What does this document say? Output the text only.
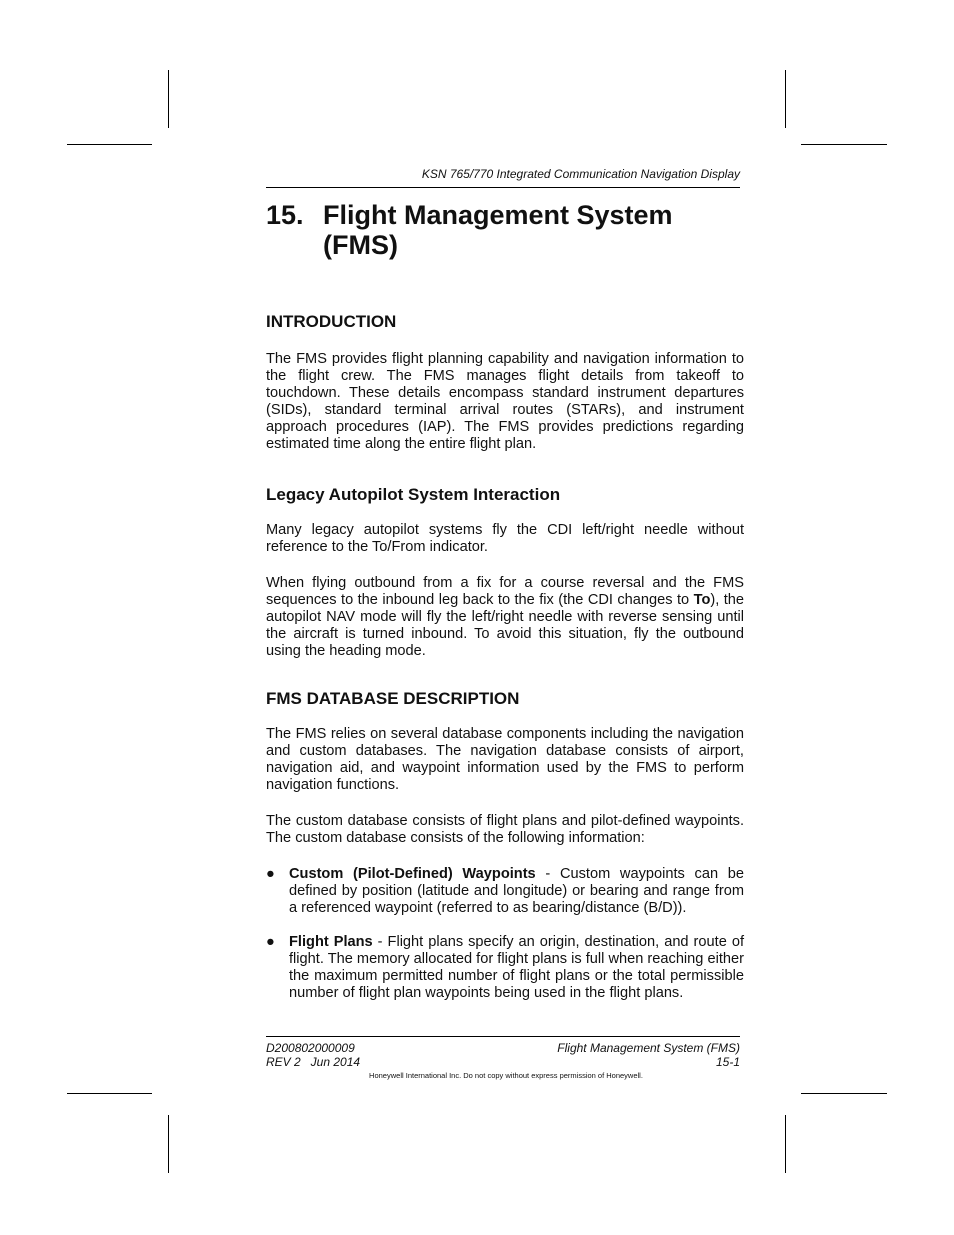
KSN 765/770 Integrated Communication Navigation Display
15. Flight Management System
(FMS)
INTRODUCTION

The FMS provides flight planning capability and navigation information to the flight crew. The FMS manages flight details from takeoff to touchdown. These details encompass standard instrument departures (SIDs), standard terminal arrival routes (STARs), and instrument approach procedures (IAP). The FMS provides predictions regarding estimated time along the entire flight plan.

Legacy Autopilot System Interaction

Many legacy autopilot systems fly the CDI left/right needle without reference to the To/From indicator.

When flying outbound from a fix for a course reversal and the FMS sequences to the inbound leg back to the fix (the CDI changes to To), the autopilot NAV mode will fly the left/right needle with reverse sensing until the aircraft is turned inbound. To avoid this situation, fly the outbound using the heading mode.

FMS DATABASE DESCRIPTION

The FMS relies on several database components including the navigation and custom databases. The navigation database consists of airport, navigation aid, and waypoint information used by the FMS to perform navigation functions.

The custom database consists of flight plans and pilot-defined waypoints. The custom database consists of the following information:

● Custom (Pilot-Defined) Waypoints - Custom waypoints can be defined by position (latitude and longitude) or bearing and range from a referenced waypoint (referred to as bearing/distance (B/D)).
● Flight Plans - Flight plans specify an origin, destination, and route of flight. The memory allocated for flight plans is full when reaching either the maximum permitted number of flight plans or the total permissible number of flight plan waypoints being used in the flight plans.
D200802000009
REV 2   Jun 2014
Flight Management System (FMS)
15-1
Honeywell International Inc. Do not copy without express permission of Honeywell.
